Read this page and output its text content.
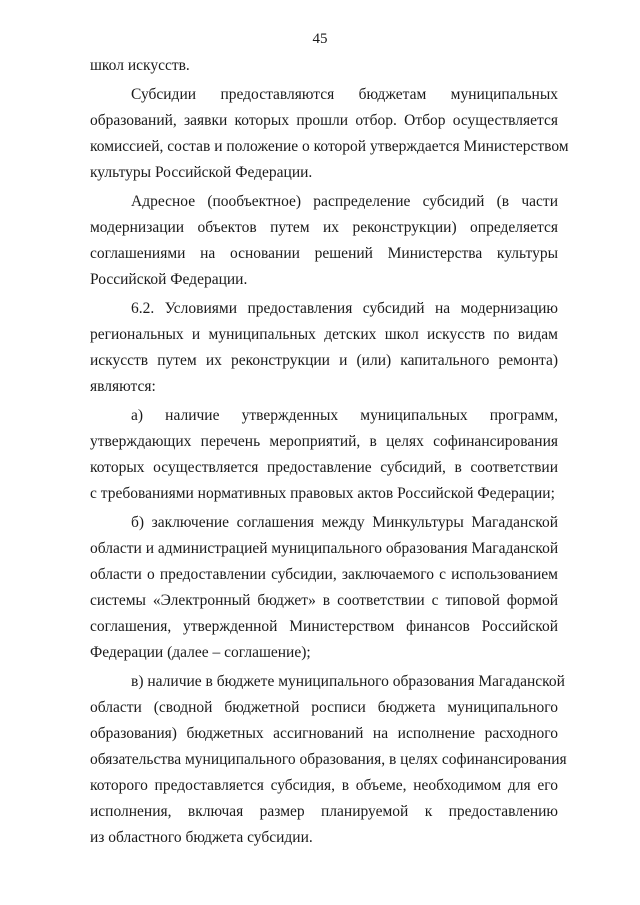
45
школ искусств.
Субсидии предоставляются бюджетам муниципальных
образований, заявки которых прошли отбор. Отбор осуществляется
комиссией, состав и положение о которой утверждается Министерством
культуры Российской Федерации.
Адресное (пообъектное) распределение субсидий (в части
модернизации объектов путем их реконструкции) определяется
соглашениями на основании решений Министерства культуры
Российской Федерации.
6.2. Условиями предоставления субсидий на модернизацию
региональных и муниципальных детских школ искусств по видам
искусств путем их реконструкции и (или) капитального ремонта)
являются:
а) наличие утвержденных муниципальных программ,
утверждающих перечень мероприятий, в целях софинансирования
которых осуществляется предоставление субсидий, в соответствии
с требованиями нормативных правовых актов Российской Федерации;
б) заключение соглашения между Минкультуры Магаданской
области и администрацией муниципального образования Магаданской
области о предоставлении субсидии, заключаемого с использованием
системы «Электронный бюджет» в соответствии с типовой формой
соглашения, утвержденной Министерством финансов Российской
Федерации (далее – соглашение);
в) наличие в бюджете муниципального образования Магаданской
области (сводной бюджетной росписи бюджета муниципального
образования) бюджетных ассигнований на исполнение расходного
обязательства муниципального образования, в целях софинансирования
которого предоставляется субсидия, в объеме, необходимом для его
исполнения, включая размер планируемой к предоставлению
из областного бюджета субсидии.
